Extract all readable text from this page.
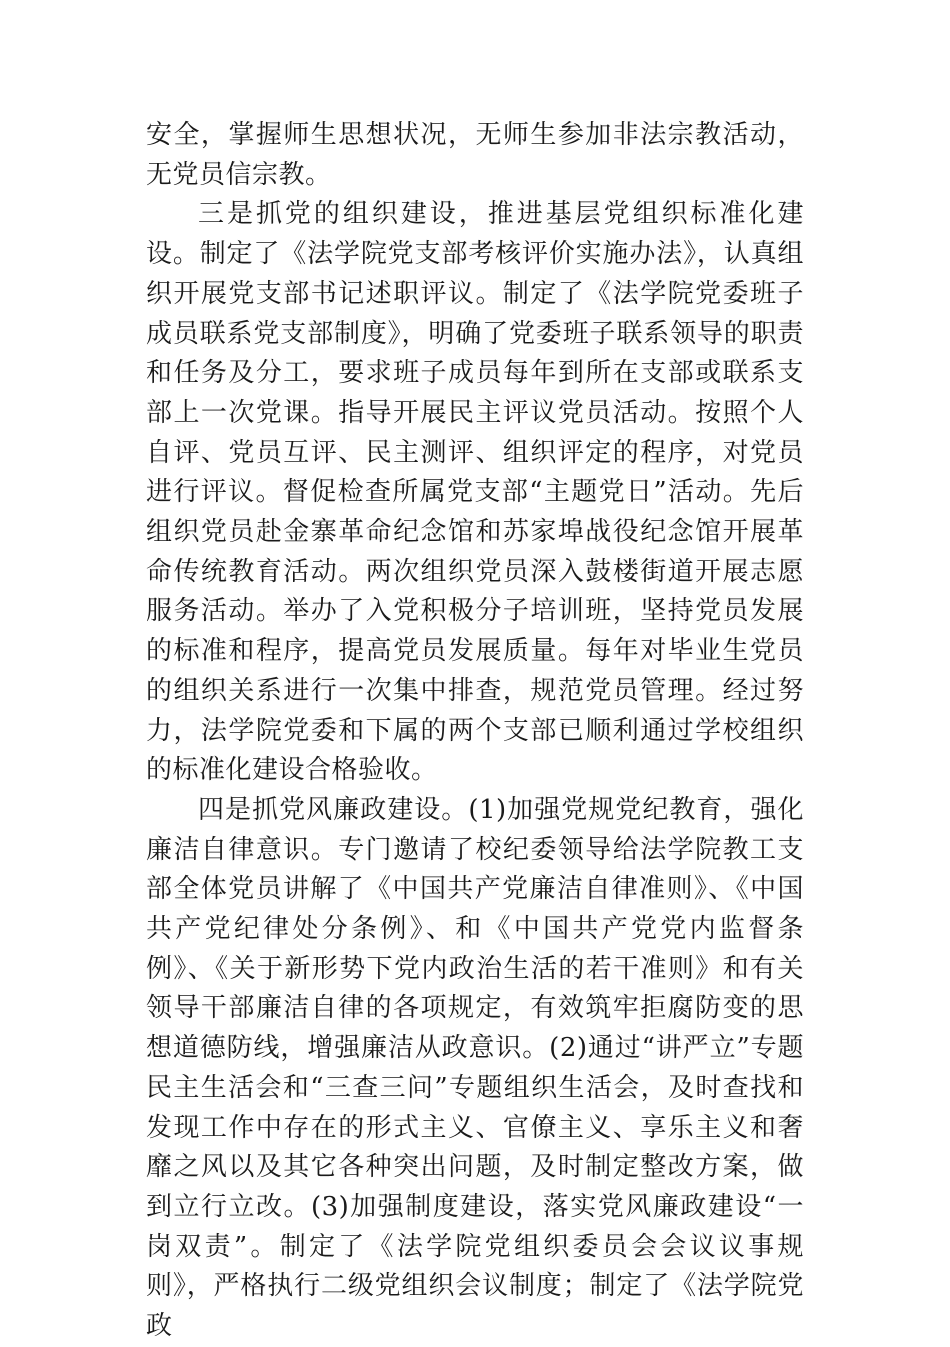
安全，掌握师生思想状况，无师生参加非法宗教活动，无党员信宗教。

三是抓党的组织建设，推进基层党组织标准化建设。制定了《法学院党支部考核评价实施办法》，认真组织开展党支部书记述职评议。制定了《法学院党委班子成员联系党支部制度》，明确了党委班子联系领导的职责和任务及分工，要求班子成员每年到所在支部或联系支部上一次党课。指导开展民主评议党员活动。按照个人自评、党员互评、民主测评、组织评定的程序，对党员进行评议。督促检查所属党支部“主题党日”活动。先后组织党员赴金寨革命纪念馆和苏家埠战役纪念馆开展革命传统教育活动。两次组织党员深入鼓楼街道开展志愿服务活动。举办了入党积极分子培训班，坚持党员发展的标准和程序，提高党员发展质量。每年对毕业生党员的组织关系进行一次集中排查，规范党员管理。经过努力，法学院党委和下属的两个支部已顺利通过学校组织的标准化建设合格验收。

四是抓党风廉政建设。(1)加强党规党纪教育，强化廉洁自律意识。专门邀请了校纪委领导给法学院教工支部全体党员讲解了《中国共产党廉洁自律准则》、《中国共产党纪律处分条例》、和《中国共产党党内监督条例》、《关于新形势下党内政治生活的若干准则》和有关领导干部廉洁自律的各项规定，有效筑牢拒腐防变的思想道德防线，增强廉洁从政意识。(2)通过“讲严立”专题民主生活会和“三查三问”专题组织生活会，及时查找和发现工作中存在的形式主义、官僚主义、享乐主义和奢靡之风以及其它各种突出问题，及时制定整改方案，做到立行立改。(3)加强制度建设，落实党风廉政建设“一岗双责”。制定了《法学院党组织委员会会议议事规则》，严格执行二级党组织会议制度；制定了《法学院党政
